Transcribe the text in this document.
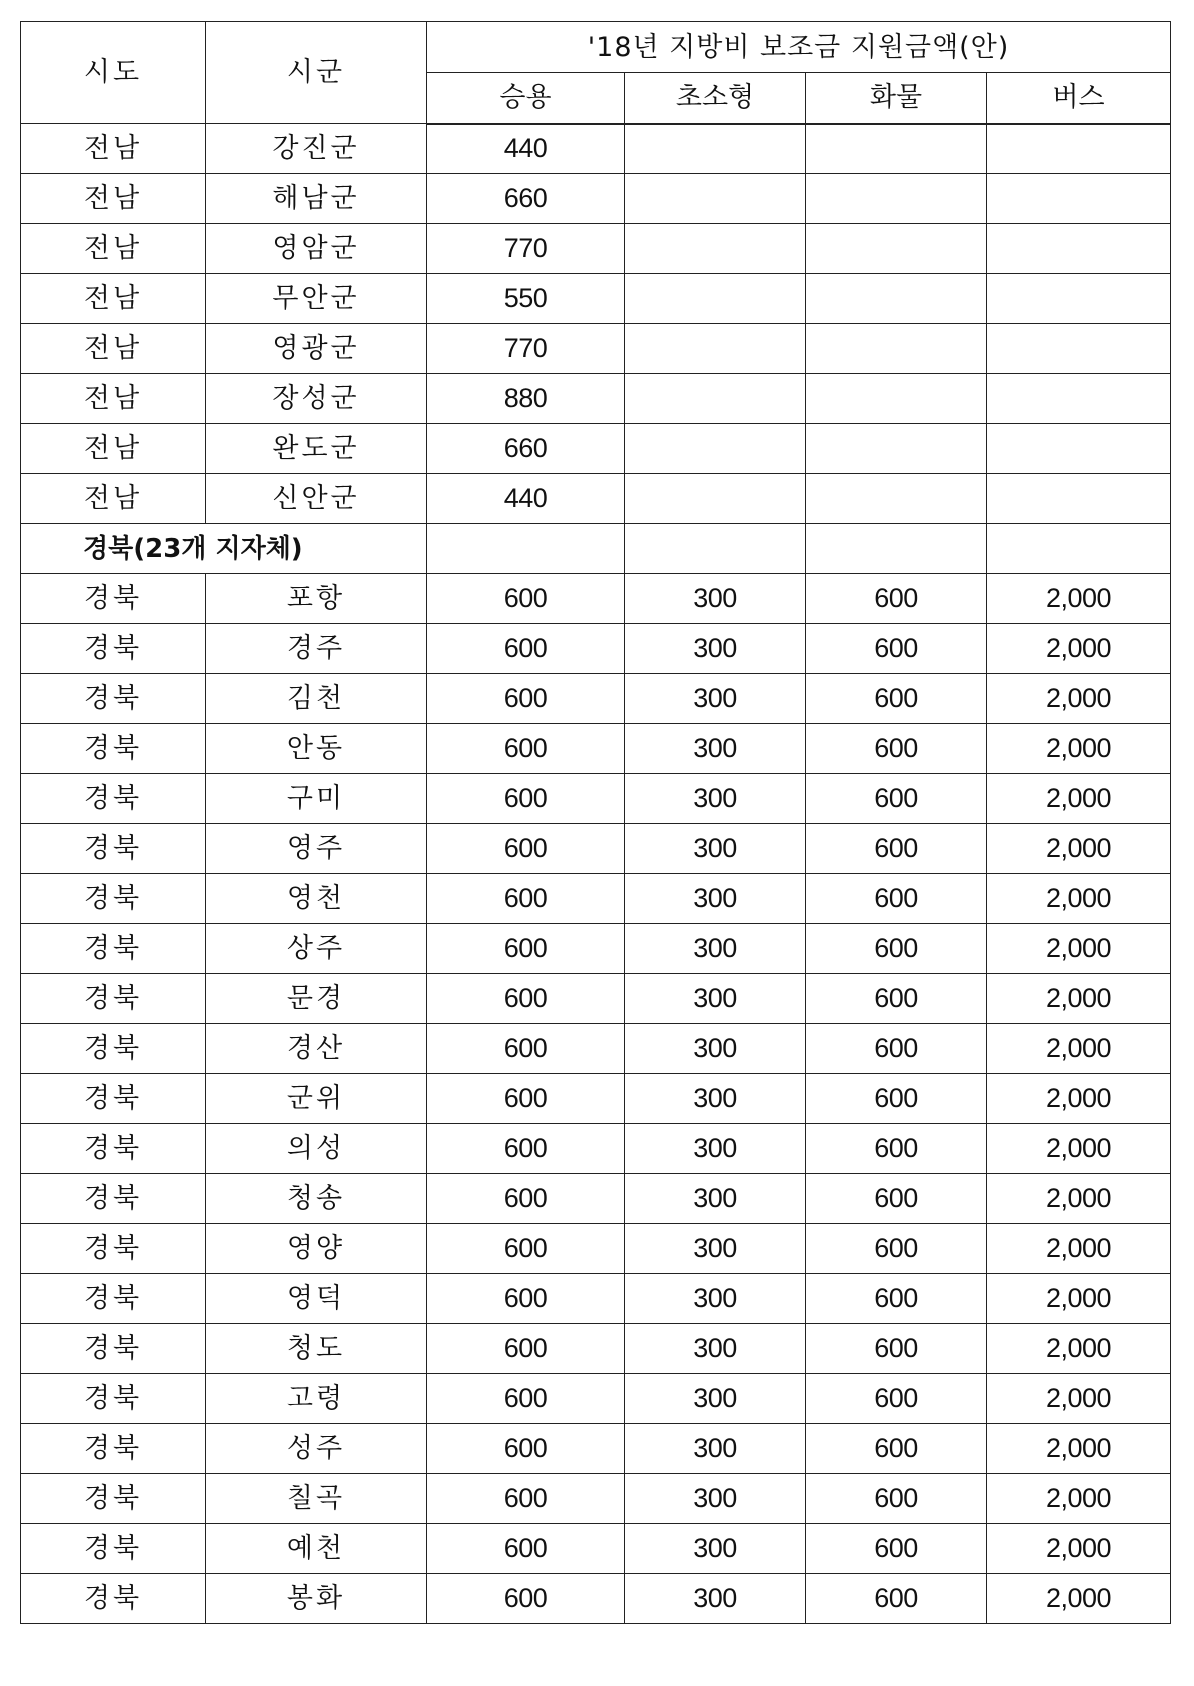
시도	시군	'18년 지방비 보조금 지원금액(안)			
		승용	초소형	화물	버스
전남	강진군	440			
전남	해남군	660			
전남	영암군	770			
전남	무안군	550			
전남	영광군	770			
전남	장성군	880			
전남	완도군	660			
전남	신안군	440			
경북(23개 지자체)					
경북	포항	600	300	600	2,000
경북	경주	600	300	600	2,000
경북	김천	600	300	600	2,000
경북	안동	600	300	600	2,000
경북	구미	600	300	600	2,000
경북	영주	600	300	600	2,000
경북	영천	600	300	600	2,000
경북	상주	600	300	600	2,000
경북	문경	600	300	600	2,000
경북	경산	600	300	600	2,000
경북	군위	600	300	600	2,000
경북	의성	600	300	600	2,000
경북	청송	600	300	600	2,000
경북	영양	600	300	600	2,000
경북	영덕	600	300	600	2,000
경북	청도	600	300	600	2,000
경북	고령	600	300	600	2,000
경북	성주	600	300	600	2,000
경북	칠곡	600	300	600	2,000
경북	예천	600	300	600	2,000
경북	봉화	600	300	600	2,000
